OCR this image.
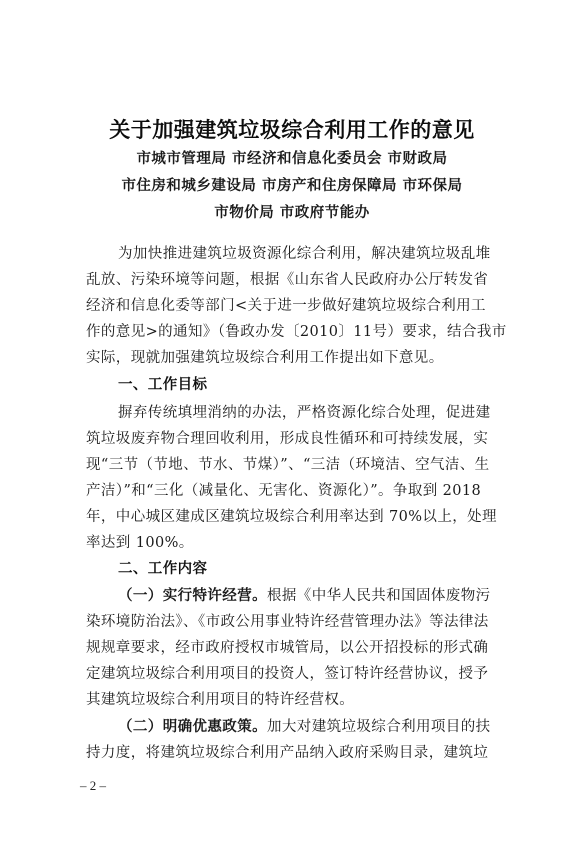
关于加强建筑垃圾综合利用工作的意见
市城市管理局 市经济和信息化委员会 市财政局
市住房和城乡建设局 市房产和住房保障局 市环保局
市物价局 市政府节能办
为加快推进建筑垃圾资源化综合利用，解决建筑垃圾乱堆
乱放、污染环境等问题，根据《山东省人民政府办公厅转发省
经济和信息化委等部门<关于进一步做好建筑垃圾综合利用工
作的意见>的通知》（鲁政办发〔2010〕11号）要求，结合我市
实际，现就加强建筑垃圾综合利用工作提出如下意见。
一、工作目标
摒弃传统填埋消纳的办法，严格资源化综合处理，促进建
筑垃圾废弃物合理回收利用，形成良性循环和可持续发展，实
现“三节（节地、节水、节煤）”、“三洁（环境洁、空气洁、生
产洁）”和“三化（减量化、无害化、资源化）”。争取到 2018
年，中心城区建成区建筑垃圾综合利用率达到 70%以上，处理
率达到 100%。
二、工作内容
（一）实行特许经营。根据《中华人民共和国固体废物污
染环境防治法》、《市政公用事业特许经营管理办法》等法律法
规规章要求，经市政府授权市城管局，以公开招投标的形式确
定建筑垃圾综合利用项目的投资人，签订特许经营协议，授予
其建筑垃圾综合利用项目的特许经营权。
（二）明确优惠政策。加大对建筑垃圾综合利用项目的扶
持力度，将建筑垃圾综合利用产品纳入政府采购目录，建筑垃
– 2 –
